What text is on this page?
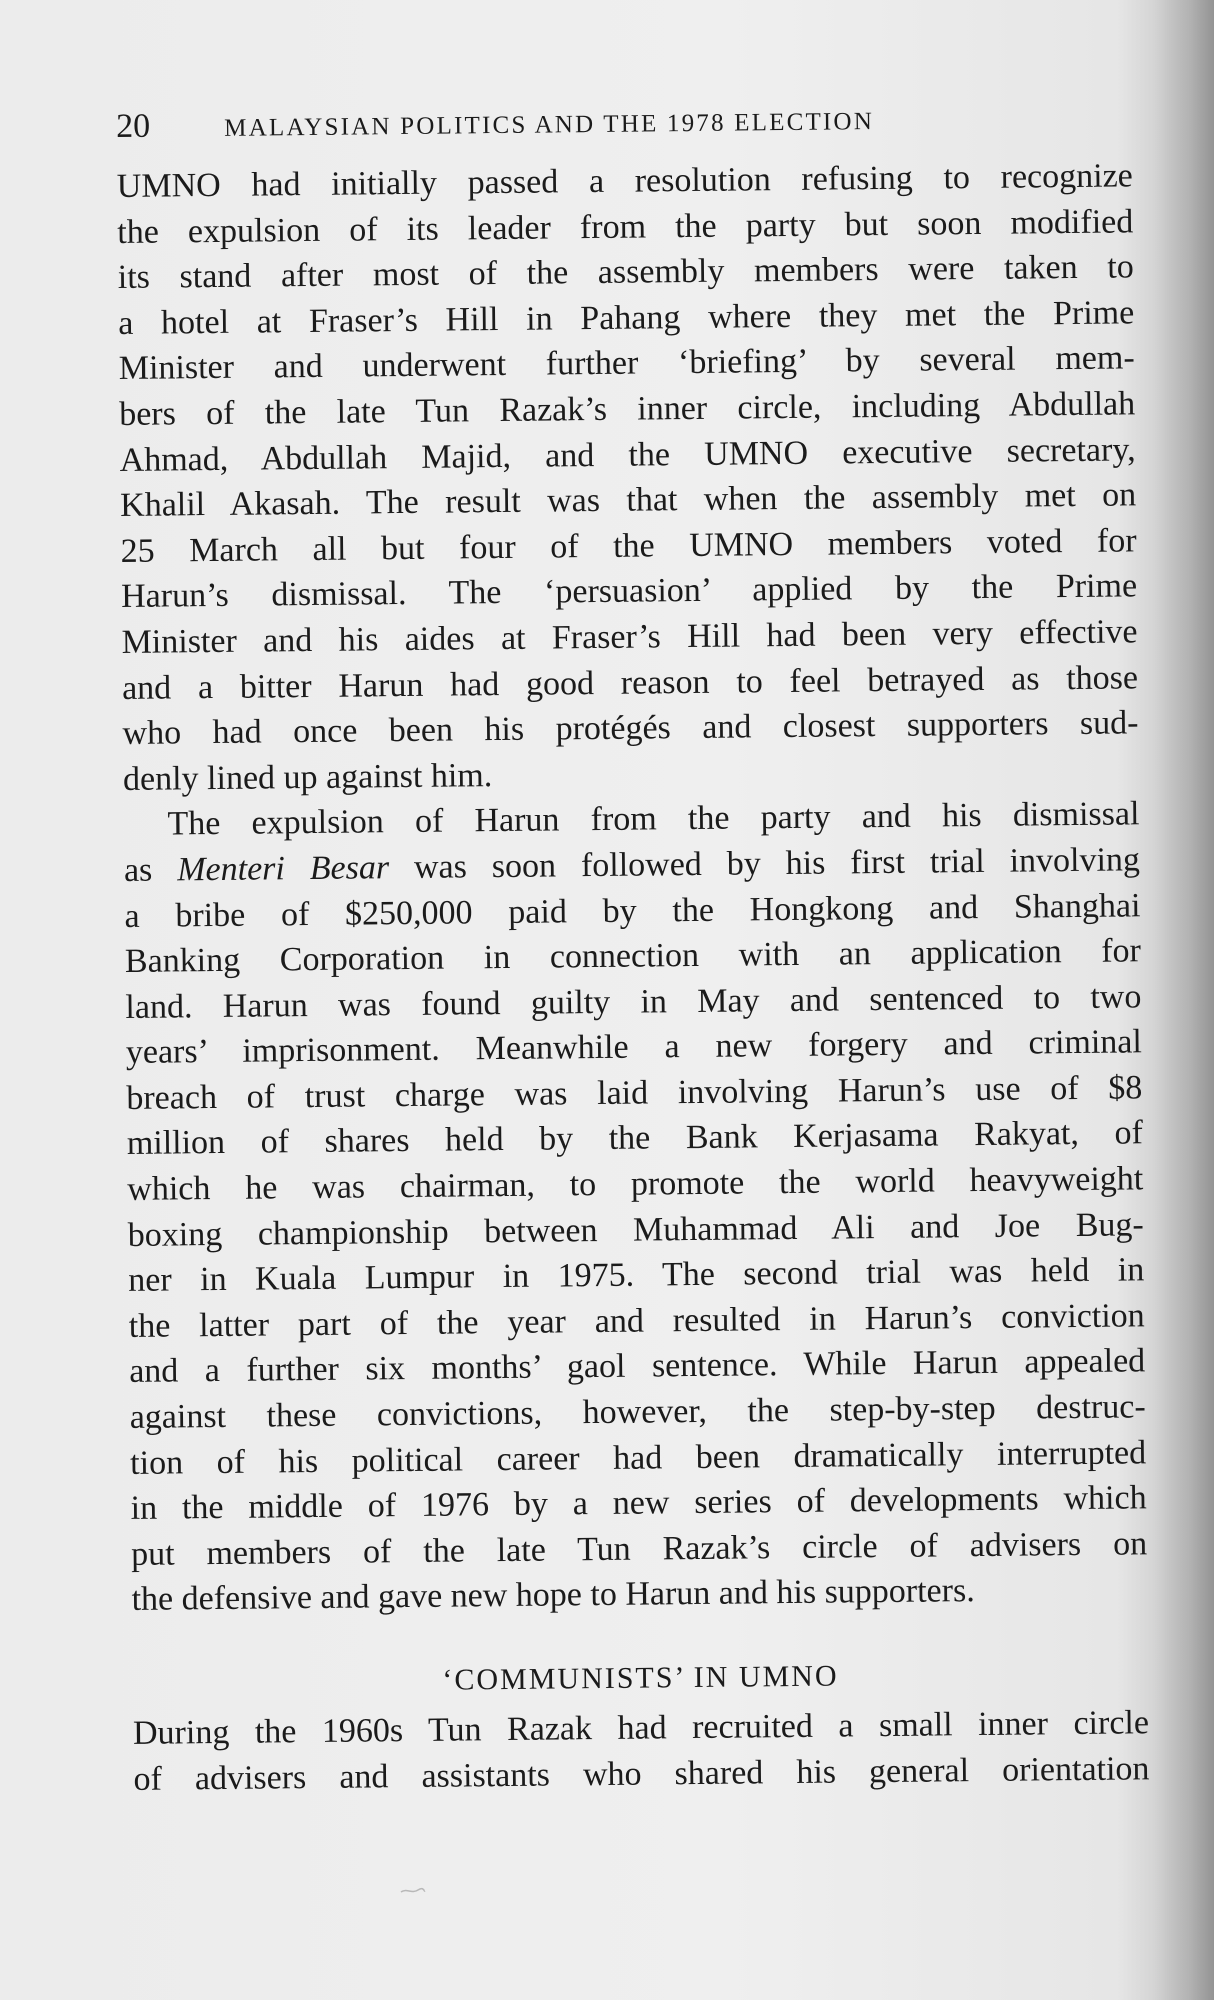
20	MALAYSIAN POLITICS AND THE 1978 ELECTION

UMNO had initially passed a resolution refusing to recognize
the expulsion of its leader from the party but soon modified
its stand after most of the assembly members were taken to
a hotel at Fraser’s Hill in Pahang where they met the Prime
Minister and underwent further ‘briefing’ by several mem-
bers of the late Tun Razak’s inner circle, including Abdullah
Ahmad, Abdullah Majid, and the UMNO executive secretary,
Khalil Akasah. The result was that when the assembly met on
25 March all but four of the UMNO members voted for
Harun’s dismissal. The ‘persuasion’ applied by the Prime
Minister and his aides at Fraser’s Hill had been very effective
and a bitter Harun had good reason to feel betrayed as those
who had once been his protégés and closest supporters sud-
denly lined up against him.

The expulsion of Harun from the party and his dismissal
as Menteri Besar was soon followed by his first trial involving
a bribe of $250,000 paid by the Hongkong and Shanghai
Banking Corporation in connection with an application for
land. Harun was found guilty in May and sentenced to two
years’ imprisonment. Meanwhile a new forgery and criminal
breach of trust charge was laid involving Harun’s use of $8
million of shares held by the Bank Kerjasama Rakyat, of
which he was chairman, to promote the world heavyweight
boxing championship between Muhammad Ali and Joe Bug-
ner in Kuala Lumpur in 1975. The second trial was held in
the latter part of the year and resulted in Harun’s conviction
and a further six months’ gaol sentence. While Harun appealed
against these convictions, however, the step-by-step destruc-
tion of his political career had been dramatically interrupted
in the middle of 1976 by a new series of developments which
put members of the late Tun Razak’s circle of advisers on
the defensive and gave new hope to Harun and his supporters.

‘COMMUNISTS’ IN UMNO

During the 1960s Tun Razak had recruited a small inner circle
of advisers and assistants who shared his general orientation
